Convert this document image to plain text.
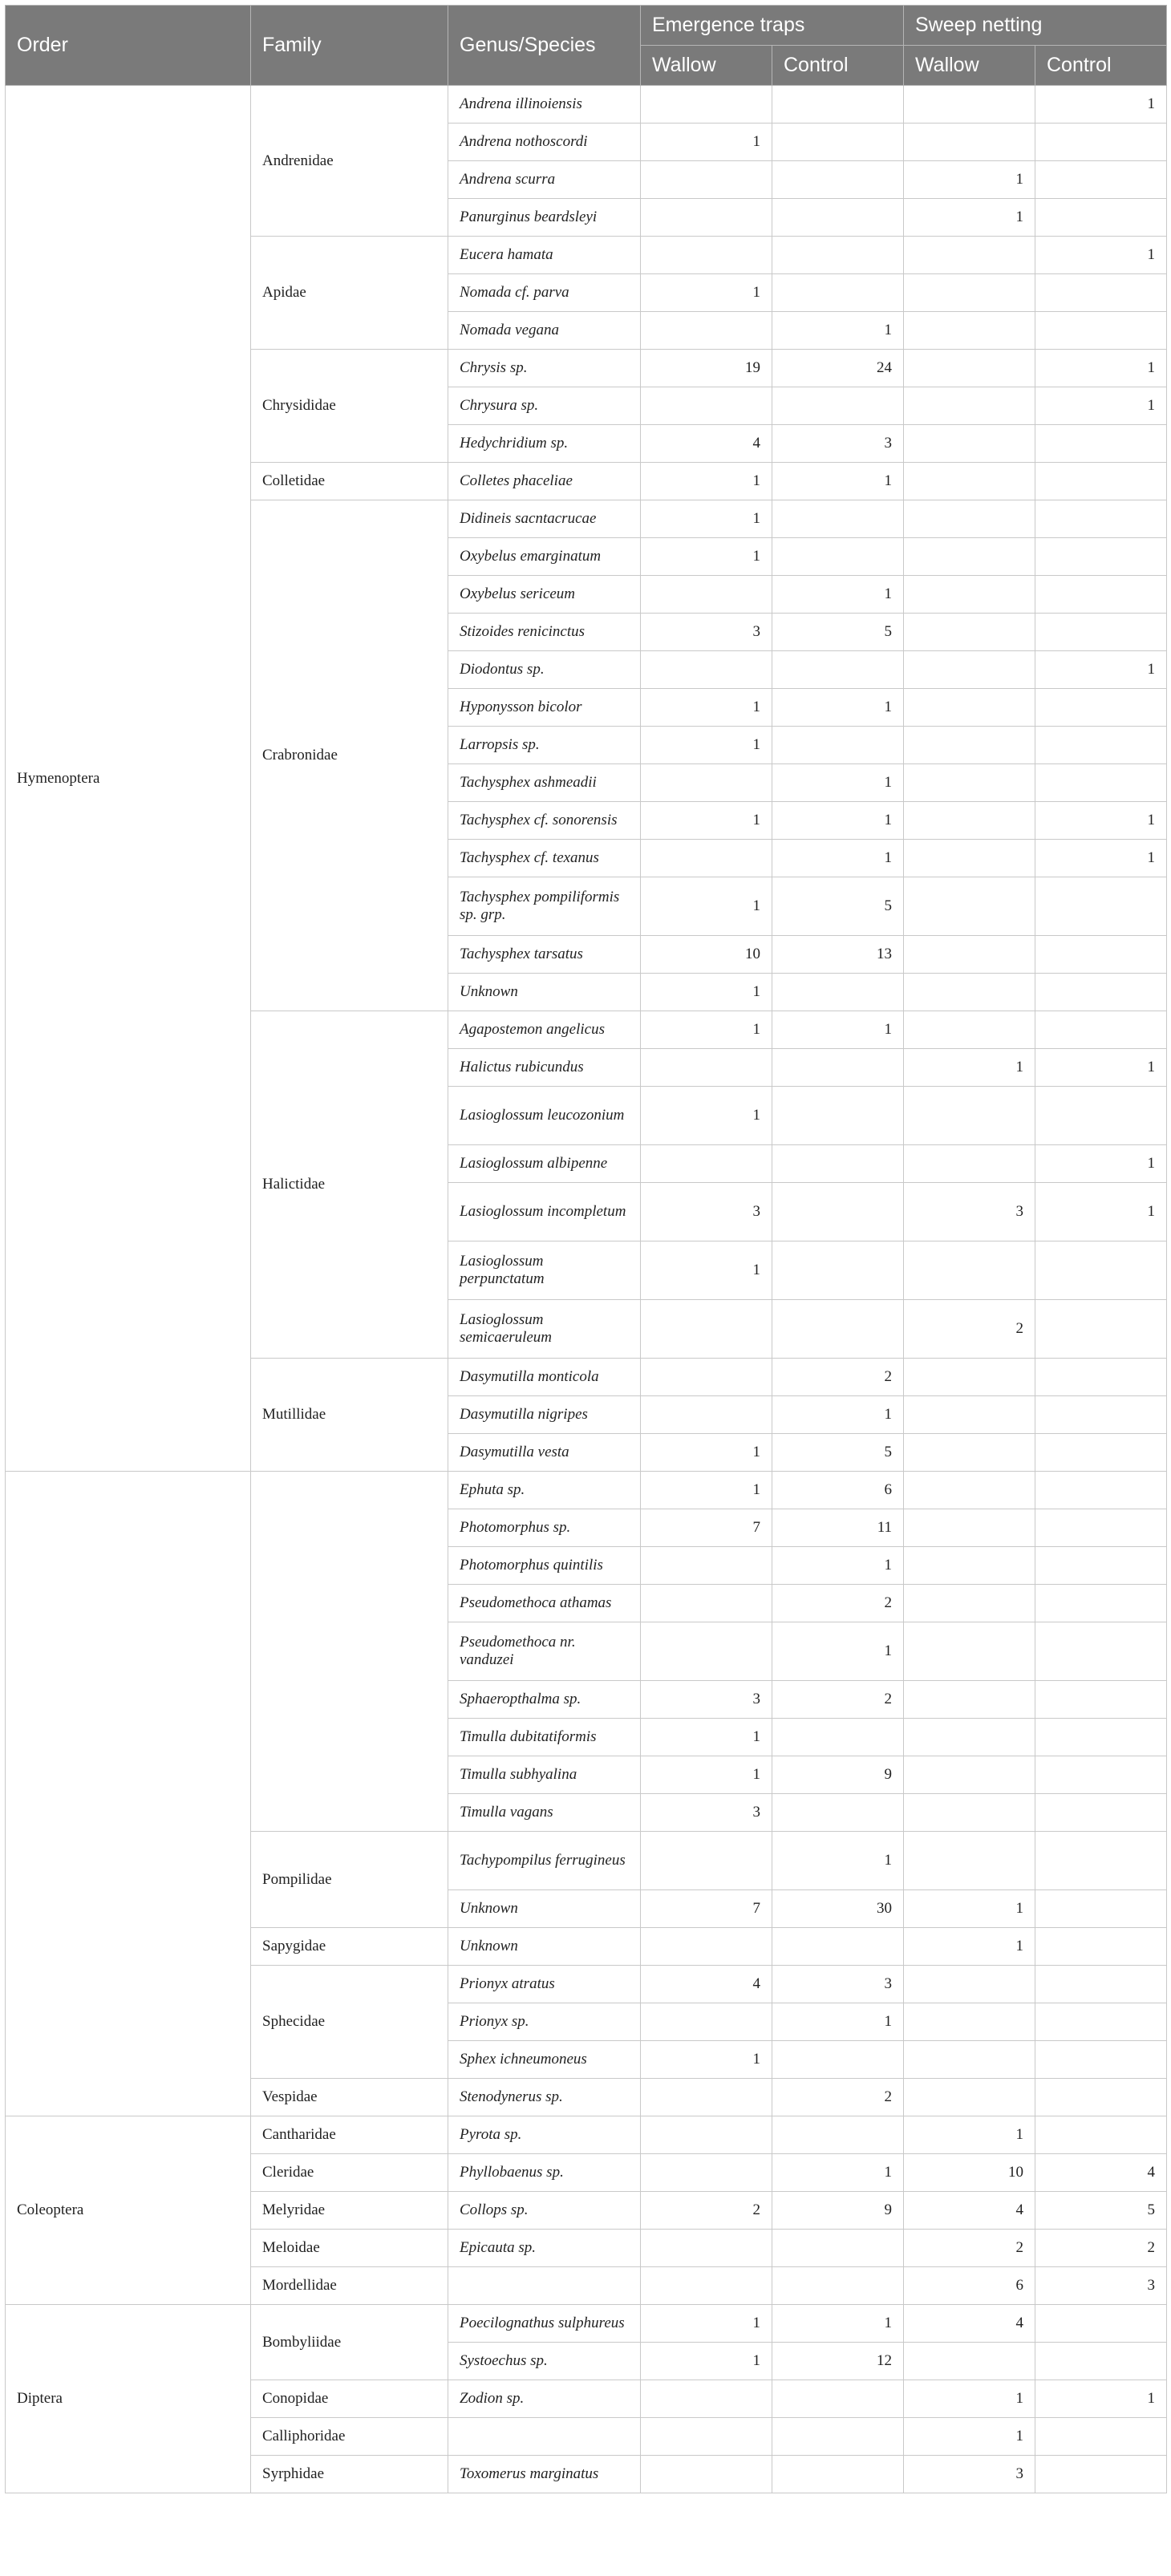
Order	Family	Genus/Species	Emergence traps		Sweep netting	
			Wallow	Control	Wallow	Control
Hymenoptera	Andrenidae	Andrena illinoiensis				1
		Andrena nothoscordi	1			
		Andrena scurra			1	
		Panurginus beardsleyi			1	
	Apidae	Eucera hamata				1
		Nomada cf. parva	1			
		Nomada vegana		1		
	Chrysididae	Chrysis sp.	19	24		1
		Chrysura sp.				1
		Hedychridium sp.	4	3		
	Colletidae	Colletes phaceliae	1	1		
	Crabronidae	Didineis sacntacrucae	1			
		Oxybelus emarginatum	1			
		Oxybelus sericeum		1		
		Stizoides renicinctus	3	5		
		Diodontus sp.				1
		Hyponysson bicolor	1	1		
		Larropsis sp.	1			
		Tachysphex ashmeadii		1		
		Tachysphex cf. sonorensis	1	1		1
		Tachysphex cf. texanus		1		1
		Tachysphex pompiliformis sp. grp.	1	5		
		Tachysphex tarsatus	10	13		
		Unknown	1			
	Halictidae	Agapostemon angelicus	1	1		
		Halictus rubicundus			1	1
		Lasioglossum leucozonium	1			
		Lasioglossum albipenne				1
		Lasioglossum incompletum	3		3	1
		Lasioglossum perpunctatum	1			
		Lasioglossum semicaeruleum			2	
	Mutillidae	Dasymutilla monticola		2		
		Dasymutilla nigripes		1		
		Dasymutilla vesta	1	5		
		Ephuta sp.	1	6		
		Photomorphus sp.	7	11		
		Photomorphus quintilis		1		
		Pseudomethoca athamas		2		
		Pseudomethoca nr. vanduzei		1		
		Sphaeropthalma sp.	3	2		
		Timulla dubitatiformis	1			
		Timulla subhyalina	1	9		
		Timulla vagans	3			
	Pompilidae	Tachypompilus ferrugineus		1		
		Unknown	7	30	1	
	Sapygidae	Unknown			1	
	Sphecidae	Prionyx atratus	4	3		
		Prionyx sp.		1		
		Sphex ichneumoneus	1			
	Vespidae	Stenodynerus sp.		2		
Coleoptera	Cantharidae	Pyrota sp.			1	
	Cleridae	Phyllobaenus sp.		1	10	4
	Melyridae	Collops sp.	2	9	4	5
	Meloidae	Epicauta sp.			2	2
	Mordellidae				6	3
Diptera	Bombyliidae	Poecilognathus sulphureus	1	1	4	
		Systoechus sp.	1	12		
	Conopidae	Zodion sp.			1	1
	Calliphoridae				1	
	Syrphidae	Toxomerus marginatus			3	
